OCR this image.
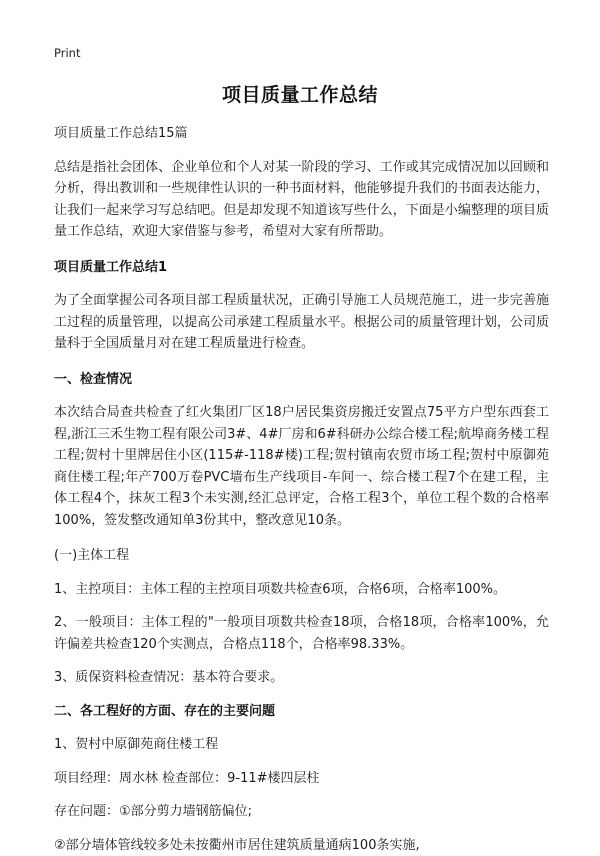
Print
项目质量工作总结

项目质量工作总结15篇

总结是指社会团体、企业单位和个人对某一阶段的学习、工作或其完成情况加以回顾和分析，得出教训和一些规律性认识的一种书面材料，他能够提升我们的书面表达能力，让我们一起来学习写总结吧。但是却发现不知道该写些什么，下面是小编整理的项目质量工作总结，欢迎大家借鉴与参考，希望对大家有所帮助。

项目质量工作总结1

为了全面掌握公司各项目部工程质量状况，正确引导施工人员规范施工，进一步完善施工过程的质量管理，以提高公司承建工程质量水平。根据公司的质量管理计划，公司质量科于全国质量月对在建工程质量进行检查。

一、检查情况

本次结合局查共检查了红火集团厂区18户居民集资房搬迁安置点75平方户型东西套工程,浙江三禾生物工程有限公司3#、4#厂房和6#科研办公综合楼工程;航埠商务楼工程工程;贺村十里牌居住小区(115#-118#楼)工程;贺村镇南农贸市场工程;贺村中原御苑商住楼工程;年产700万卷PVC墙布生产线项目-车间一、综合楼工程7个在建工程，主体工程4个，抹灰工程3个未实测,经汇总评定，合格工程3个，单位工程个数的合格率100%，签发整改通知单3份其中，整改意见10条。

(一)主体工程

1、主控项目：主体工程的主控项目项数共检查6项，合格6项，合格率100%。

2、一般项目：主体工程的"一般项目项数共检查18项，合格18项，合格率100%，允许偏差共检查120个实测点，合格点118个，合格率98.33%。

3、质保资料检查情况：基本符合要求。

二、各工程好的方面、存在的主要问题

1、贺村中原御苑商住楼工程

项目经理：周水林 检查部位：9-11#楼四层柱

存在问题：①部分剪力墙钢筋偏位;

②部分墙体管线较多处未按衢州市居住建筑质量通病100条实施,
